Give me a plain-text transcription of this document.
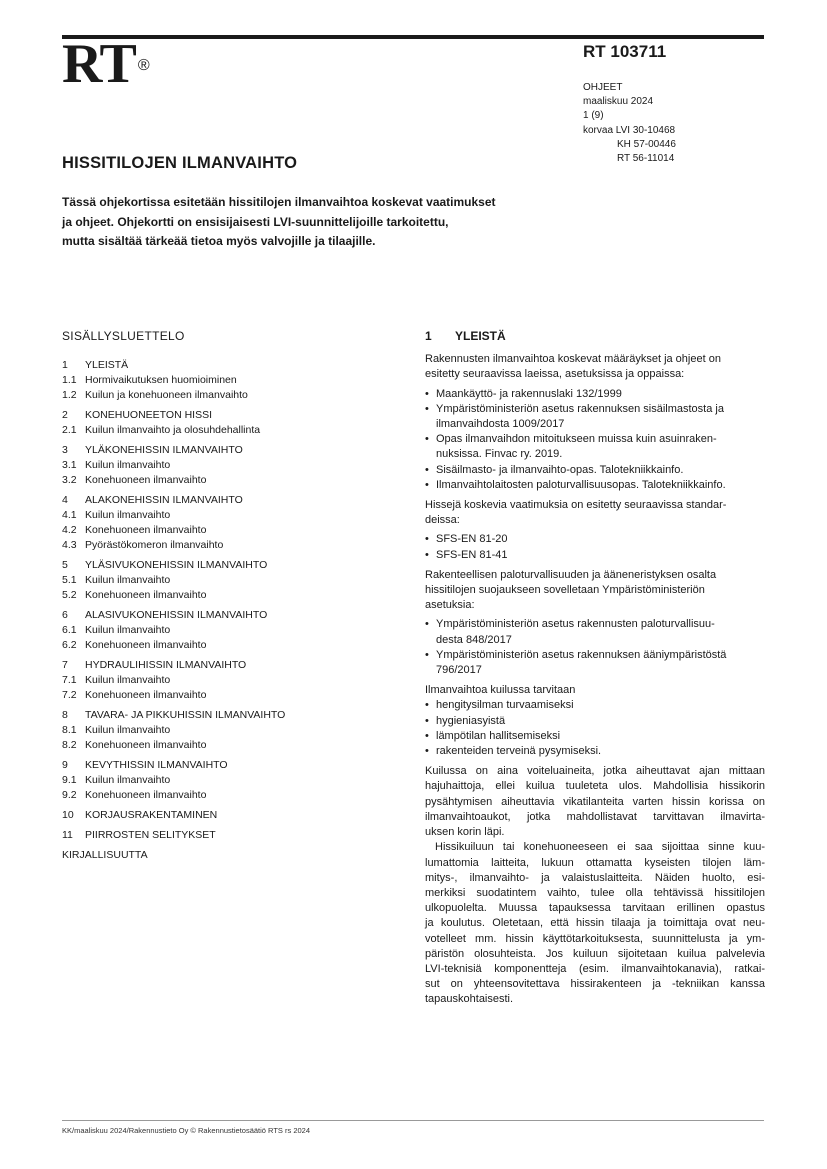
RT ®
RT 103711
OHJEET
maaliskuu 2024
1 (9)
korvaa LVI 30-10468
KH 57-00446
RT 56-11014
HISSITILOJEN ILMANVAIHTO
Tässä ohjekortissa esitetään hissitilojen ilmanvaihtoa koskevat vaatimukset
ja ohjeet. Ohjekortti on ensisijaisesti LVI-suunnittelijoille tarkoitettu,
mutta sisältää tärkeää tietoa myös valvojille ja tilaajille.
SISÄLLYSLUETTELO
1	YLEISTÄ
1.1 Hormivaikutuksen huomioiminen
1.2 Kuilun ja konehuoneen ilmanvaihto
2	KONEHUONEETON HISSI
2.1 Kuilun ilmanvaihto ja olosuhdehallinta
3	YLÄKONEHISSIN ILMANVAIHTO
3.1 Kuilun ilmanvaihto
3.2 Konehuoneen ilmanvaihto
4	ALAKONEHISSIN ILMANVAIHTO
4.1 Kuilun ilmanvaihto
4.2 Konehuoneen ilmanvaihto
4.3 Pyörästökomeron ilmanvaihto
5	YLÄSIVUKONEHISSIN ILMANVAIHTO
5.1 Kuilun ilmanvaihto
5.2 Konehuoneen ilmanvaihto
6	ALASIVUKONEHISSIN ILMANVAIHTO
6.1 Kuilun ilmanvaihto
6.2 Konehuoneen ilmanvaihto
7	HYDRAULIHISSIN ILMANVAIHTO
7.1 Kuilun ilmanvaihto
7.2 Konehuoneen ilmanvaihto
8	TAVARA- JA PIKKUHISSIN ILMANVAIHTO
8.1 Kuilun ilmanvaihto
8.2 Konehuoneen ilmanvaihto
9	KEVYTHISSIN ILMANVAIHTO
9.1 Kuilun ilmanvaihto
9.2 Konehuoneen ilmanvaihto
10	KORJAUSRAKENTAMINEN
11	PIIRROSTEN SELITYKSET
KIRJALLISUUTTA
1 YLEISTÄ

Rakennusten ilmanvaihtoa koskevat määräykset ja ohjeet on
esitetty seuraavissa laeissa, asetuksissa ja oppaissa:

• Maankäyttö- ja rakennuslaki 132/1999
• Ympäristöministeriön asetus rakennuksen sisäilmastosta ja
ilmanvaihdosta 1009/2017
• Opas ilmanvaihdon mitoitukseen muissa kuin asuinraken-
nuksissa. Finvac ry. 2019.
• Sisäilmasto- ja ilmanvaihto-opas. Talotekniikkainfo.
• Ilmanvaihtolaitosten paloturvallisuusopas. Talotekniikkainfo.

Hissejä koskevia vaatimuksia on esitetty seuraavissa standar-
deissa:

• SFS-EN 81-20
• SFS-EN 81-41

Rakenteellisen paloturvallisuuden ja ääneneristyksen osalta
hissitilojen suojaukseen sovelletaan Ympäristöministeriön
asetuksia:

• Ympäristöministeriön asetus rakennusten paloturvallisuu-
desta 848/2017
• Ympäristöministeriön asetus rakennuksen ääniympäristöstä
796/2017

Ilmanvaihtoa kuilussa tarvitaan

• hengitysilman turvaamiseksi
• hygieniasyistä
• lämpötilan hallitsemiseksi
• rakenteiden terveinä pysymiseksi.

Kuilussa on aina voiteluaineita, jotka aiheuttavat ajan mittaan
hajuhaittoja, ellei kuilua tuuleteta ulos. Mahdollisia hissikorin
pysähtymisen aiheuttavia vikatilanteita varten hissin korissa on
ilmanvaihtoaukot, jotka mahdollistavat tarvittavan ilmavirta-
uksen korin läpi.

Hissikuiluun tai konehuoneeseen ei saa sijoittaa sinne kuu-
lumattomia laitteita, lukuun ottamatta kyseisten tilojen läm-
mitys-, ilmanvaihto- ja valaistuslaitteita. Näiden huolto, esi-
merkiksi suodatintem vaihto, tulee olla tehtävissä hissitilojen
ulkopuolelta. Muussa tapauksessa tarvitaan erillinen opastus
ja koulutus. Oletetaan, että hissin tilaaja ja toimittaja ovat neu-
votelleet mm. hissin käyttötarkoituksesta, suunnittelusta ja ym-
päristön olosuhteista. Jos kuiluun sijoitetaan kuilua palvelevia
LVI-teknisiä komponentteja (esim. ilmanvaihtokanavia), ratkai-
sut on yhteensovitettava hissirakenteen ja -tekniikan kanssa
tapauskohtaisesti.

KK/maaliskuu 2024/Rakennustieto Oy © Rakennustietosäätiö RTS rs 2024
